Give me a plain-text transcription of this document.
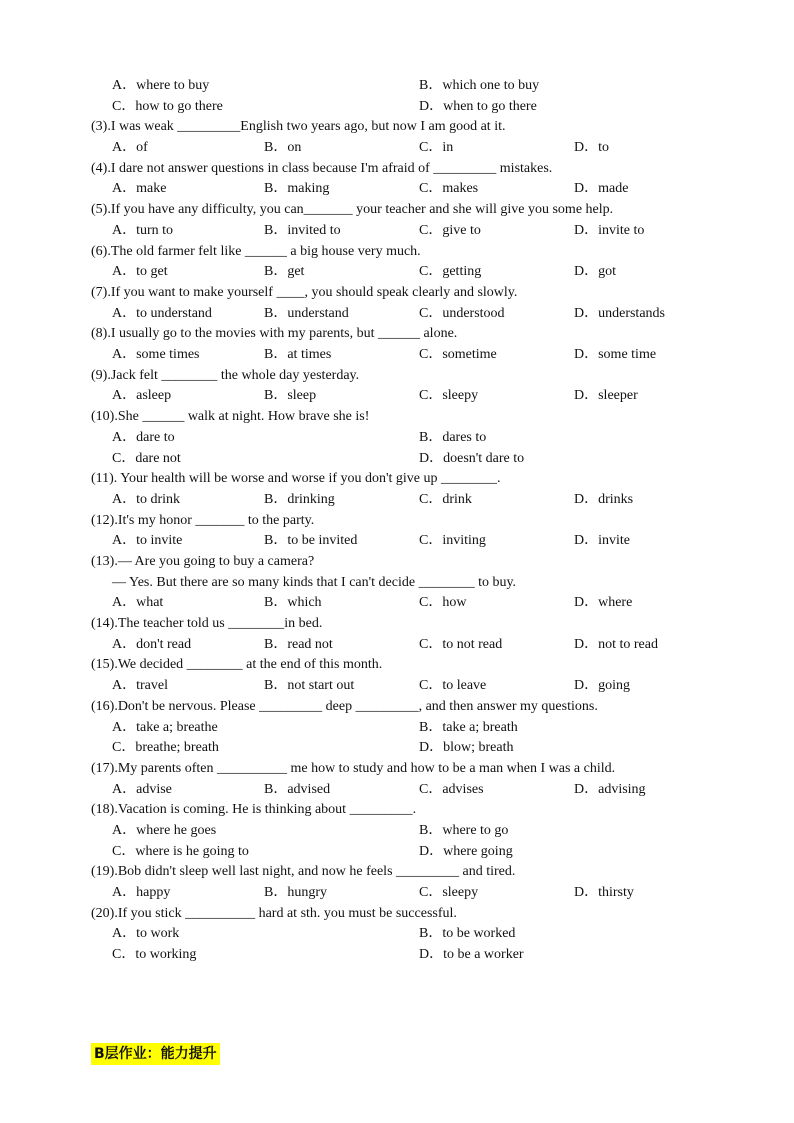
A．where to buy	B．which one to buy
C．how to go there	D．when to go there
(3).I was weak _________English two years ago, but now I am good at it.
A．of	B．on	C．in	D．to
(4).I dare not answer questions in class because I'm afraid of _________ mistakes.
A．make	B．making	C．makes	D．made
(5).If you have any difficulty, you can_______ your teacher and she will give you some help.
A．turn to	B．invited to	C．give to	D．invite to
(6).The old farmer felt like ______ a big house very much.
A．to get	B．get	C．getting	D．got
(7).If you want to make yourself ____, you should speak clearly and slowly.
A．to understand	B．understand	C．understood	D．understands
(8).I usually go to the movies with my parents, but ______ alone.
A．some times	B．at times	C．sometime	D．some time
(9).Jack felt ________ the whole day yesterday.
A．asleep	B．sleep	C．sleepy	D．sleeper
(10).She ______ walk at night. How brave she is!
A．dare to	B．dares to
C．dare not	D．doesn't dare to
(11). Your health will be worse and worse if you don't give up ________.
A．to drink	B．drinking	C．drink	D．drinks
(12).It's my honor _______ to the party.
A．to invite	B．to be invited	C．inviting	D．invite
(13).— Are you going to buy a camera?
— Yes. But there are so many kinds that I can't decide ________ to buy.
A．what	B．which	C．how	D．where
(14).The teacher told us ________in bed.
A．don't read	B．read not	C．to not read	D．not to read
(15).We decided ________ at the end of this month.
A．travel	B．not start out	C．to leave	D．going
(16).Don't be nervous. Please _________ deep _________, and then answer my questions.
A．take a; breathe	B．take a; breath
C．breathe; breath	D．blow; breath
(17).My parents often __________ me how to study and how to be a man when I was a child.
A．advise	B．advised	C．advises	D．advising
(18).Vacation is coming. He is thinking about _________.
A．where he goes	B．where to go
C．where is he going to	D．where going
(19).Bob didn't sleep well last night, and now he feels _________ and tired.
A．happy	B．hungry	C．sleepy	D．thirsty
(20).If you stick __________ hard at sth. you must be successful.
A．to work	B．to be worked
C．to working	D．to be a worker
B层作业：能力提升
